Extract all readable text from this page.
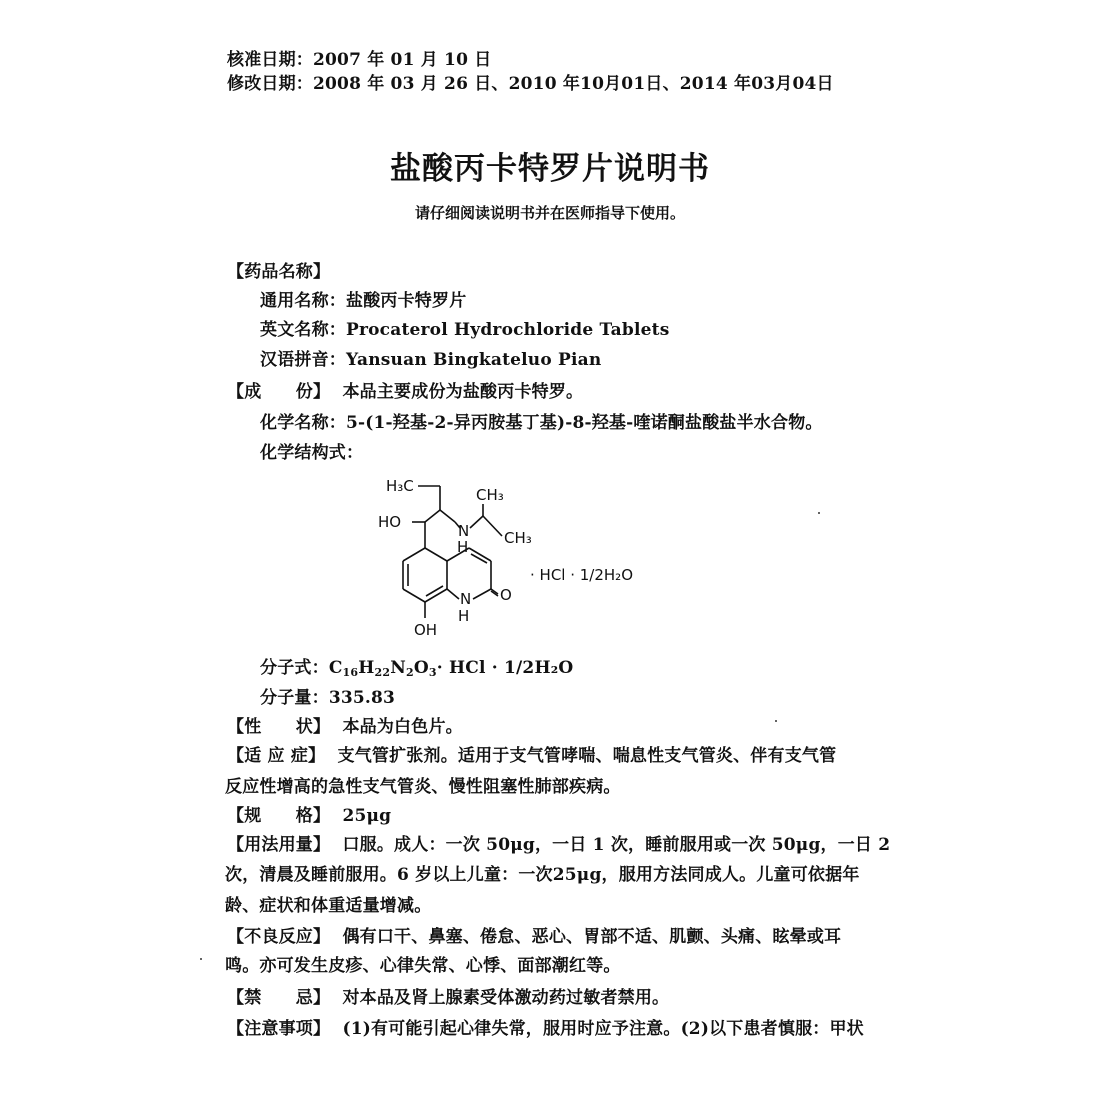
核准日期：2007 年 01 月 10 日
修改日期：2008 年 03 月 26 日、2010 年10月01日、2014 年03月04日
盐酸丙卡特罗片说明书
请仔细阅读说明书并在医师指导下使用。
【药品名称】
通用名称：盐酸丙卡特罗片
英文名称：Procaterol Hydrochloride Tablets
汉语拼音：Yansuan Bingkateluo Pian
【成　　份】 本品主要成份为盐酸丙卡特罗。
化学名称：5-(1-羟基-2-异丙胺基丁基)-8-羟基-喹诺酮盐酸盐半水合物。
化学结构式：
H₃C	CH₃
HO	N
H CH₃
· HCl · 1/2H₂O
N
H
O
OH
分子式：$C_{16}H_{22}N_2O_3\cdot$ HCl · 1/2H₂O
分子量：335.83
【性　　状】 本品为白色片。
【适 应 症】 支气管扩张剂。适用于支气管哮喘、喘息性支气管炎、伴有支气管
反应性增高的急性支气管炎、慢性阻塞性肺部疾病。
【规　　格】 25μg
【用法用量】 口服。成人：一次 50μg，一日 1 次，睡前服用或一次 50μg，一日 2
次，清晨及睡前服用。6 岁以上儿童：一次25μg，服用方法同成人。儿童可依据年
龄、症状和体重适量增减。
【不良反应】 偶有口干、鼻塞、倦怠、恶心、胃部不适、肌颤、头痛、眩晕或耳
鸣。亦可发生皮疹、心律失常、心悸、面部潮红等。
【禁　　忌】 对本品及肾上腺素受体激动药过敏者禁用。
【注意事项】 (1)有可能引起心律失常，服用时应予注意。(2)以下患者慎服：甲状
